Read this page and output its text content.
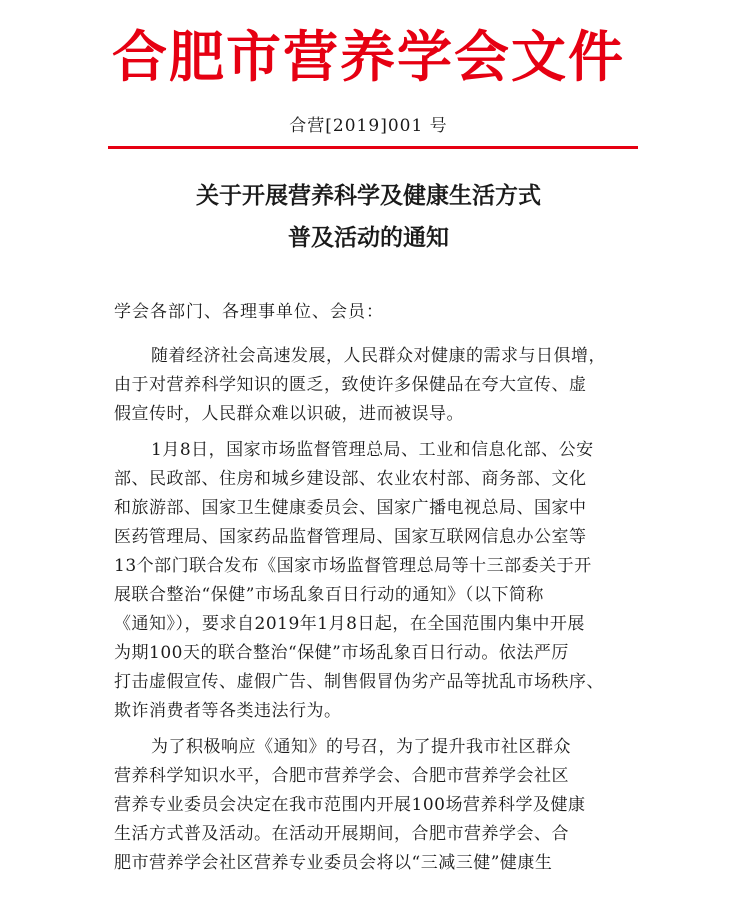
合肥市营养学会文件
合营[2019]001 号
关于开展营养科学及健康生活方式
普及活动的通知
学会各部门、各理事单位、会员：
随着经济社会高速发展，人民群众对健康的需求与日俱增，
由于对营养科学知识的匮乏，致使许多保健品在夸大宣传、虚
假宣传时，人民群众难以识破，进而被误导。
1月8日，国家市场监督管理总局、工业和信息化部、公安
部、民政部、住房和城乡建设部、农业农村部、商务部、文化
和旅游部、国家卫生健康委员会、国家广播电视总局、国家中
医药管理局、国家药品监督管理局、国家互联网信息办公室等
13个部门联合发布《国家市场监督管理总局等十三部委关于开
展联合整治“保健”市场乱象百日行动的通知》（以下简称
《通知》），要求自2019年1月8日起，在全国范围内集中开展
为期100天的联合整治“保健”市场乱象百日行动。依法严厉
打击虚假宣传、虚假广告、制售假冒伪劣产品等扰乱市场秩序、
欺诈消费者等各类违法行为。
为了积极响应《通知》的号召，为了提升我市社区群众
营养科学知识水平，合肥市营养学会、合肥市营养学会社区
营养专业委员会决定在我市范围内开展100场营养科学及健康
生活方式普及活动。在活动开展期间，合肥市营养学会、合
肥市营养学会社区营养专业委员会将以“三减三健”健康生
